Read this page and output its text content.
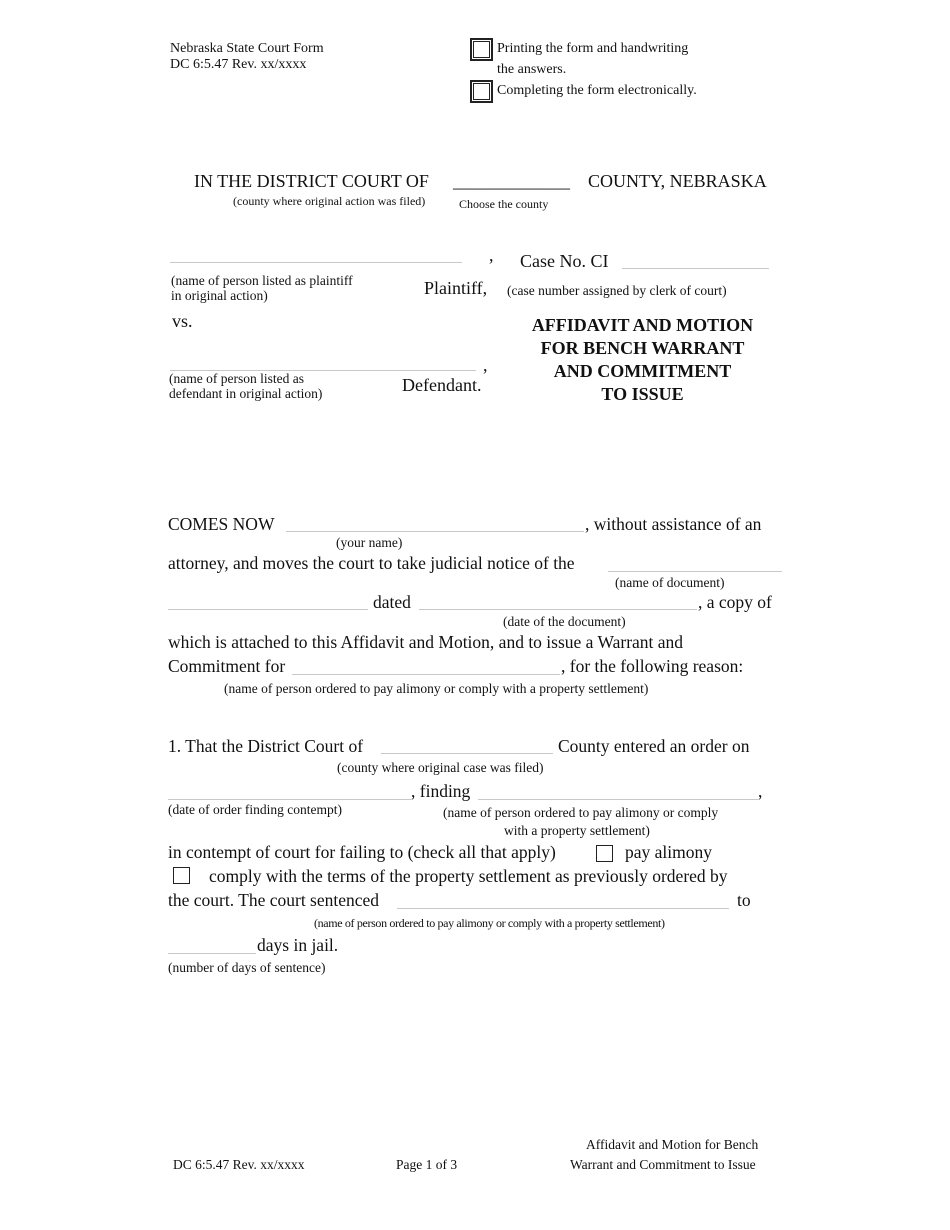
Nebraska State Court Form
DC 6:5.47 Rev. xx/xxxx
Printing the form and handwriting
the answers.
Completing the form electronically.
IN THE DISTRICT COURT OF _____________ COUNTY, NEBRASKA
(county where original action was filed)	Choose the county
,
(name of person listed as plaintiff
in original action)	Plaintiff,
vs.
,
(name of person listed as
defendant in original action)	Defendant.
Case No. CI
(case number assigned by clerk of court)
AFFIDAVIT AND MOTION
FOR BENCH WARRANT
AND COMMITMENT
TO ISSUE
COMES NOW	, without assistance of an
(your name)
attorney, and moves the court to take judicial notice of the
(name of document)
dated	, a copy of
(date of the document)
which is attached to this Affidavit and Motion, and to issue a Warrant and
Commitment for	, for the following reason:
(name of person ordered to pay alimony or comply with a property settlement)
1. That the District Court of	County entered an order on
(county where original case was filed)
, finding	,
(date of order finding contempt)	(name of person ordered to pay alimony or comply
with a property settlement)
in contempt of court for failing to (check all that apply)	pay alimony
comply with the terms of the property settlement as previously ordered by
the court. The court sentenced	to
(name of person ordered to pay alimony or comply with a property settlement)
days in jail.
(number of days of sentence)
DC 6:5.47 Rev. xx/xxxx	Page 1 of 3
Affidavit and Motion for Bench
Warrant and Commitment to Issue
